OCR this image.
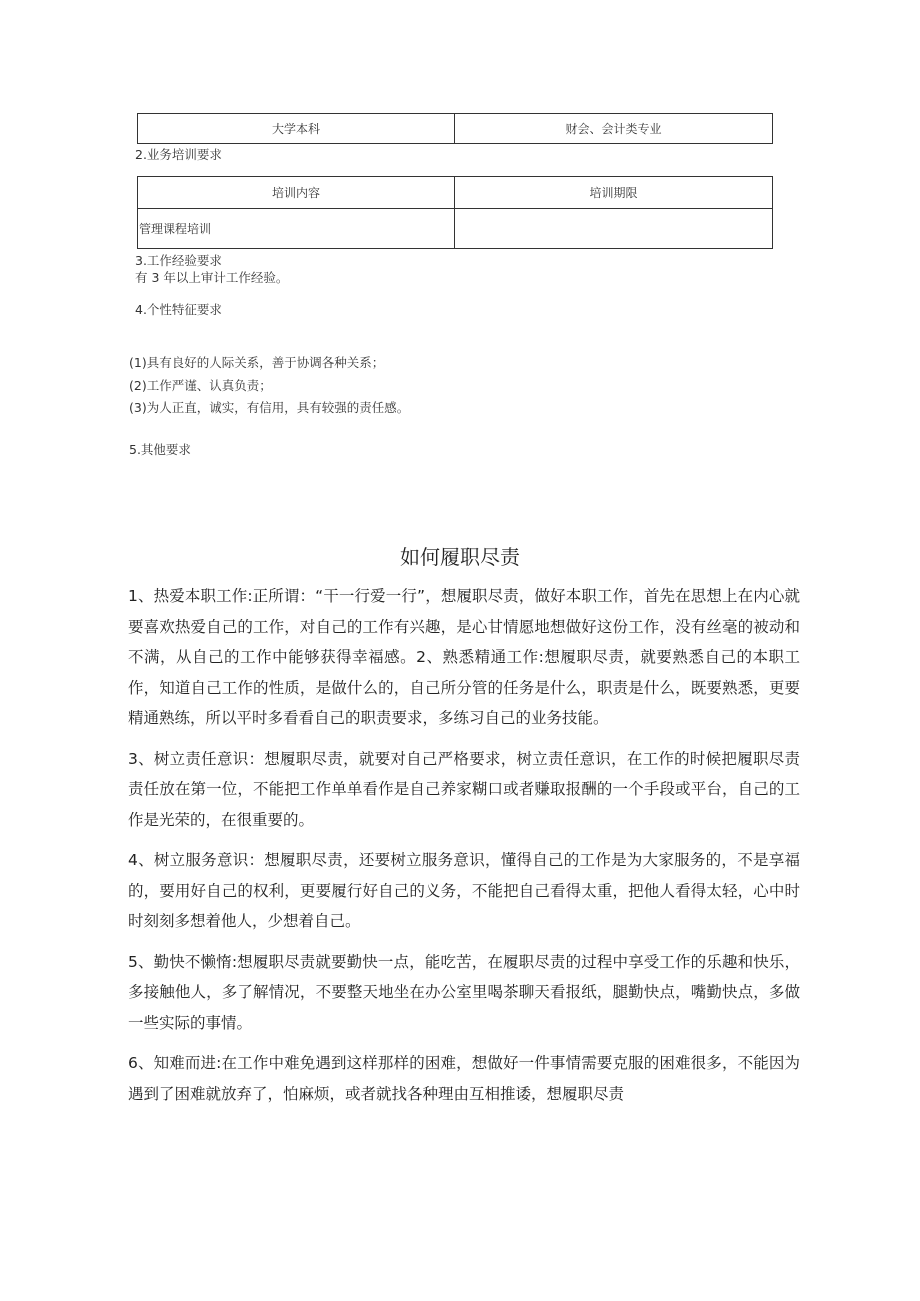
大学本科	财会、会计类专业
2.业务培训要求
培训内容	培训期限
管理课程培训	
3.工作经验要求
有 3 年以上审计工作经验。
4.个性特征要求
(1)具有良好的人际关系，善于协调各种关系；
(2)工作严谨、认真负责；
(3)为人正直，诚实，有信用，具有较强的责任感。
5.其他要求
如何履职尽责

1、热爱本职工作:正所谓：“干一行爱一行”，想履职尽责，做好本职工作，首先在思想上在内心就要喜欢热爱自己的工作，对自己的工作有兴趣，是心甘情愿地想做好这份工作，没有丝毫的被动和不满，从自己的工作中能够获得幸福感。2、熟悉精通工作:想履职尽责，就要熟悉自己的本职工作，知道自己工作的性质，是做什么的，自己所分管的任务是什么，职责是什么，既要熟悉，更要精通熟练，所以平时多看看自己的职责要求，多练习自己的业务技能。

3、树立责任意识：想履职尽责，就要对自己严格要求，树立责任意识，在工作的时候把履职尽责责任放在第一位，不能把工作单单看作是自己养家糊口或者赚取报酬的一个手段或平台，自己的工作是光荣的，在很重要的。

4、树立服务意识：想履职尽责，还要树立服务意识，懂得自己的工作是为大家服务的，不是享福的，要用好自己的权利，更要履行好自己的义务，不能把自己看得太重，把他人看得太轻，心中时时刻刻多想着他人，少想着自己。

5、勤快不懒惰:想履职尽责就要勤快一点，能吃苦，在履职尽责的过程中享受工作的乐趣和快乐，多接触他人，多了解情况，不要整天地坐在办公室里喝茶聊天看报纸，腿勤快点，嘴勤快点，多做一些实际的事情。

6、知难而进:在工作中难免遇到这样那样的困难，想做好一件事情需要克服的困难很多，不能因为遇到了困难就放弃了，怕麻烦，或者就找各种理由互相推诿，想履职尽责
